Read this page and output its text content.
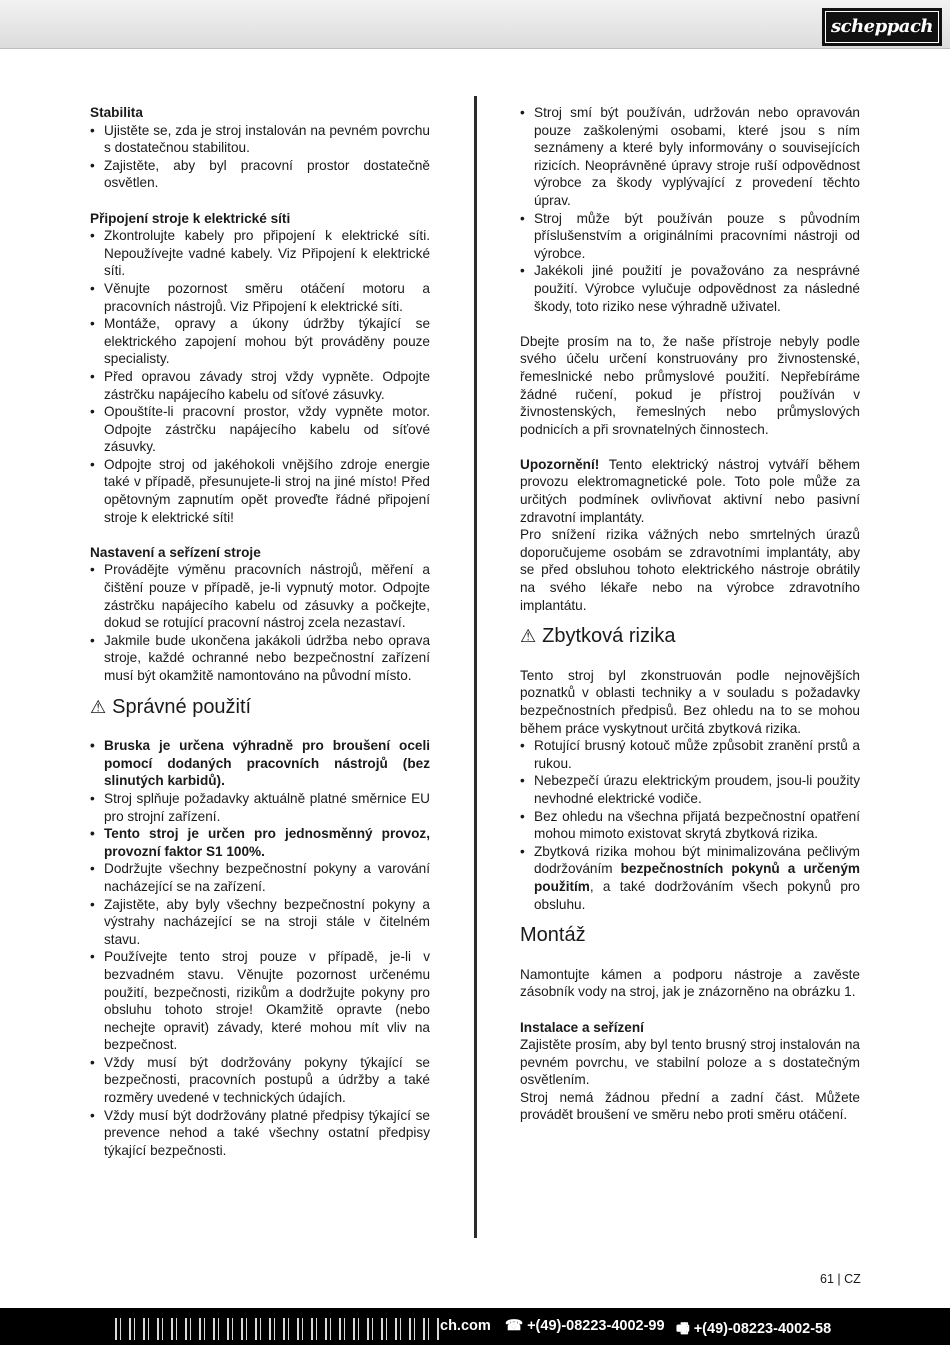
scheppach
Stabilita
• Ujistěte se, zda je stroj instalován na pevném povrchu s dostatečnou stabilitou.
• Zajistěte, aby byl pracovní prostor dostatečně osvětlen.
Připojení stroje k elektrické síti
• Zkontrolujte kabely pro připojení k elektrické síti. Nepoužívejte vadné kabely. Viz Připojení k elektrické síti.
• Věnujte pozornost směru otáčení motoru a pracovních nástrojů. Viz Připojení k elektrické síti.
• Montáže, opravy a úkony údržby týkající se elektrického zapojení mohou být prováděny pouze specialisty.
• Před opravou závady stroj vždy vypněte. Odpojte zástrčku napájecího kabelu od síťové zásuvky.
• Opouštíte-li pracovní prostor, vždy vypněte motor. Odpojte zástrčku napájecího kabelu od síťové zásuvky.
• Odpojte stroj od jakéhokoli vnějšího zdroje energie také v případě, přesunujete-li stroj na jiné místo! Před opětovným zapnutím opět proveďte řádné připojení stroje k elektrické síti!
Nastavení a seřízení stroje
• Provádějte výměnu pracovních nástrojů, měření a čištění pouze v případě, je-li vypnutý motor. Odpojte zástrčku napájecího kabelu od zásuvky a počkejte, dokud se rotující pracovní nástroj zcela nezastaví.
• Jakmile bude ukončena jakákoli údržba nebo oprava stroje, každé ochranné nebo bezpečnostní zařízení musí být okamžitě namontováno na původní místo.
⚠ Správné použití
• Bruska je určena výhradně pro broušení oceli pomocí dodaných pracovních nástrojů (bez slinutých karbidů).
• Stroj splňuje požadavky aktuálně platné směrnice EU pro strojní zařízení.
• Tento stroj je určen pro jednosměnný provoz, provozní faktor S1 100%.
• Dodržujte všechny bezpečnostní pokyny a varování nacházející se na zařízení.
• Zajistěte, aby byly všechny bezpečnostní pokyny a výstrahy nacházející se na stroji stále v čitelném stavu.
• Používejte tento stroj pouze v případě, je-li v bezvadném stavu. Věnujte pozornost určenému použití, bezpečnosti, rizikům a dodržujte pokyny pro obsluhu tohoto stroje! Okamžitě opravte (nebo nechejte opravit) závady, které mohou mít vliv na bezpečnost.
• Vždy musí být dodržovány pokyny týkající se bezpečnosti, pracovních postupů a údržby a také rozměry uvedené v technických údajích.
• Vždy musí být dodržovány platné předpisy týkající se prevence nehod a také všechny ostatní předpisy týkající bezpečnosti.
• Stroj smí být používán, udržován nebo opravován pouze zaškolenými osobami, které jsou s ním seznámeny a které byly informovány o souvisejících rizicích. Neoprávněné úpravy stroje ruší odpovědnost výrobce za škody vyplývající z provedení těchto úprav.
• Stroj může být používán pouze s původním příslušenstvím a originálními pracovními nástroji od výrobce.
• Jakékoli jiné použití je považováno za nesprávné použití. Výrobce vylučuje odpovědnost za následné škody, toto riziko nese výhradně uživatel.

Dbejte prosím na to, že naše přístroje nebyly podle svého účelu určení konstruovány pro živnostenské, řemeslnické nebo průmyslové použití. Nepřebíráme žádné ručení, pokud je přístroj používán v živnostenských, řemeslných nebo průmyslových podnicích a při srovnatelných činnostech.

Upozornění! Tento elektrický nástroj vytváří během provozu elektromagnetické pole. Toto pole může za určitých podmínek ovlivňovat aktivní nebo pasivní zdravotní implantáty.

Pro snížení rizika vážných nebo smrtelných úrazů doporučujeme osobám se zdravotními implantáty, aby se před obsluhou tohoto elektrického nástroje obrátily na svého lékaře nebo na výrobce zdravotního implantátu.

⚠ Zbytková rizika

Tento stroj byl zkonstruován podle nejnovějších poznatků v oblasti techniky a v souladu s požadavky bezpečnostních předpisů. Bez ohledu na to se mohou během práce vyskytnout určitá zbytková rizika.

• Rotující brusný kotouč může způsobit zranění prstů a rukou.
• Nebezpečí úrazu elektrickým proudem, jsou-li použity nevhodné elektrické vodiče.
• Bez ohledu na všechna přijatá bezpečnostní opatření mohou mimoto existovat skrytá zbytková rizika.
• Zbytková rizika mohou být minimalizována pečlivým dodržováním bezpečnostních pokynů a určeným použitím, a také dodržováním všech pokynů pro obsluhu.
Montáž

Namontujte kámen a podporu nástroje a zavěste zásobník vody na stroj, jak je znázorněno na obrázku 1.

Instalace a seřízení

Zajistěte prosím, aby byl tento brusný stroj instalován na pevném povrchu, ve stabilní poloze a s dostatečným osvětlením.

Stroj nemá žádnou přední a zadní část. Můžete provádět broušení ve směru nebo proti směru otáčení.

61 | CZ
ch.com ☎ +(49)-08223-4002-99 🖷 +(49)-08223-4002-58
